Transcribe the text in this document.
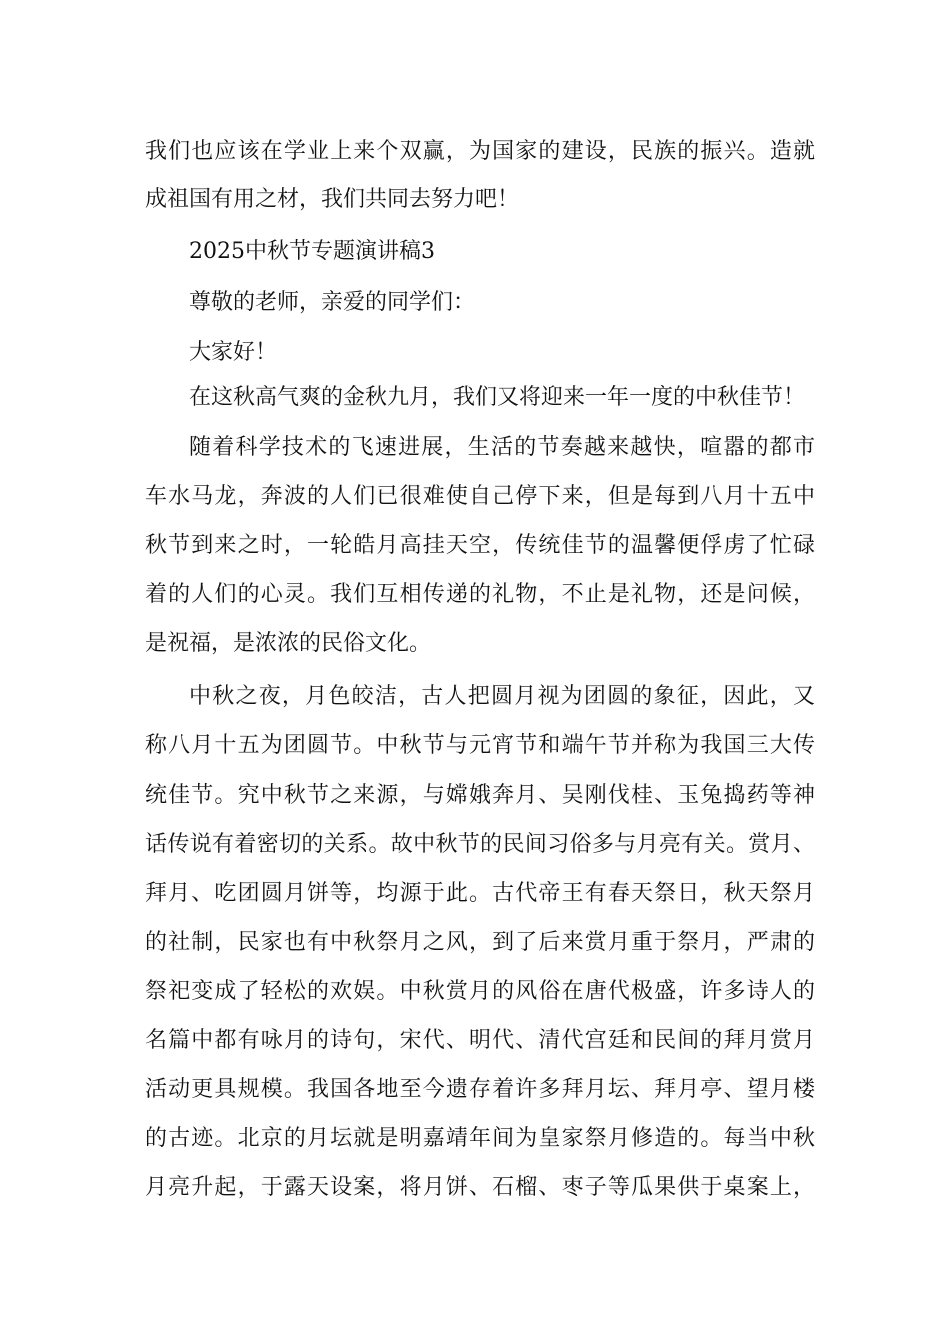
我们也应该在学业上来个双赢，为国家的建设，民族的振兴。造就
成祖国有用之材，我们共同去努力吧！
2025中秋节专题演讲稿3
尊敬的老师，亲爱的同学们：
大家好！
在这秋高气爽的金秋九月，我们又将迎来一年一度的中秋佳节！
随着科学技术的飞速进展，生活的节奏越来越快，喧嚣的都市
车水马龙，奔波的人们已很难使自己停下来，但是每到八月十五中
秋节到来之时，一轮皓月高挂天空，传统佳节的温馨便俘虏了忙碌
着的人们的心灵。我们互相传递的礼物，不止是礼物，还是问候，
是祝福，是浓浓的民俗文化。
中秋之夜，月色皎洁，古人把圆月视为团圆的象征，因此，又
称八月十五为团圆节。中秋节与元宵节和端午节并称为我国三大传
统佳节。究中秋节之来源，与嫦娥奔月、吴刚伐桂、玉兔捣药等神
话传说有着密切的关系。故中秋节的民间习俗多与月亮有关。赏月、
拜月、吃团圆月饼等，均源于此。古代帝王有春天祭日，秋天祭月
的社制，民家也有中秋祭月之风，到了后来赏月重于祭月，严肃的
祭祀变成了轻松的欢娱。中秋赏月的风俗在唐代极盛，许多诗人的
名篇中都有咏月的诗句，宋代、明代、清代宫廷和民间的拜月赏月
活动更具规模。我国各地至今遗存着许多拜月坛、拜月亭、望月楼
的古迹。北京的月坛就是明嘉靖年间为皇家祭月修造的。每当中秋
月亮升起，于露天设案，将月饼、石榴、枣子等瓜果供于桌案上，
